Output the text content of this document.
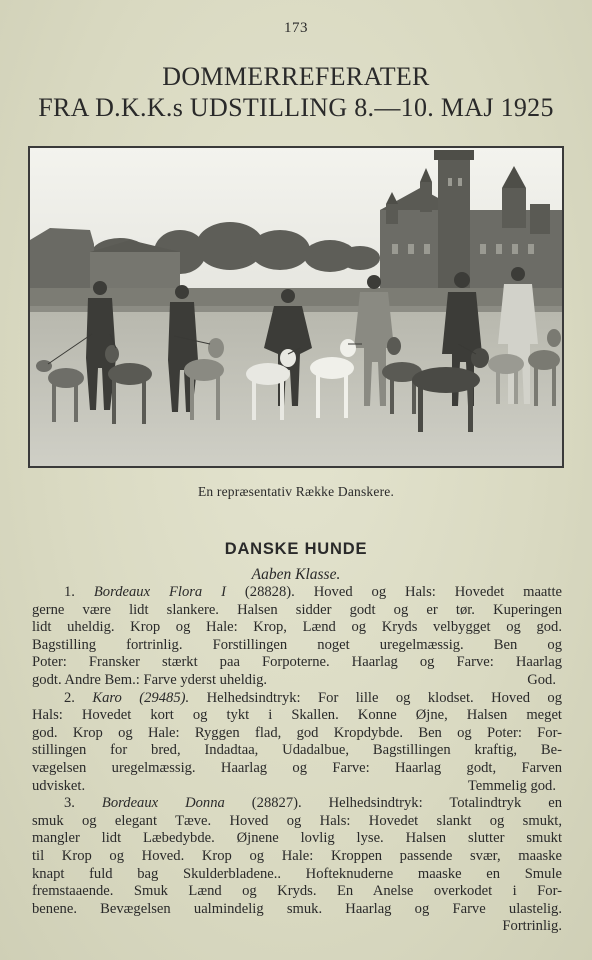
173
DOMMERREFERATER
FRA D.K.K.s UDSTILLING 8.—10. MAJ 1925
En repræsentativ Række Danskere.
DANSKE HUNDE
Aaben Klasse.
1. Bordeaux Flora I (28828). Hoved og Hals: Hovedet maatte
gerne være lidt slankere. Halsen sidder godt og er tør. Kuperingen
lidt uheldig. Krop og Hale: Krop, Lænd og Kryds velbygget og god.
Bagstilling fortrinlig. Forstillingen noget uregelmæssig. Ben og
Poter: Fransker stærkt paa Forpoterne. Haarlag og Farve: Haarlag
godt. Andre Bem.: Farve yderst uheldig.	God.
2. Karo (29485). Helhedsindtryk: For lille og klodset. Hoved og
Hals: Hovedet kort og tykt i Skallen. Konne Øjne, Halsen meget
god. Krop og Hale: Ryggen flad, god Kropdybde. Ben og Poter: For-
stillingen for bred, Indadtaa, Udadalbue, Bagstillingen kraftig, Be-
vægelsen uregelmæssig. Haarlag og Farve: Haarlag godt, Farven
udvisket.	Temmelig god.
3. Bordeaux Donna (28827). Helhedsindtryk: Totalindtryk en
smuk og elegant Tæve. Hoved og Hals: Hovedet slankt og smukt,
mangler lidt Læbedybde. Øjnene lovlig lyse. Halsen slutter smukt
til Krop og Hoved. Krop og Hale: Kroppen passende svær, maaske
knapt fuld bag Skulderbladene.. Hofteknuderne maaske en Smule
fremstaaende. Smuk Lænd og Kryds. En Anelse overkodet i For-
benene. Bevægelsen ualmindelig smuk. Haarlag og Farve ulastelig.
Fortrinlig.
